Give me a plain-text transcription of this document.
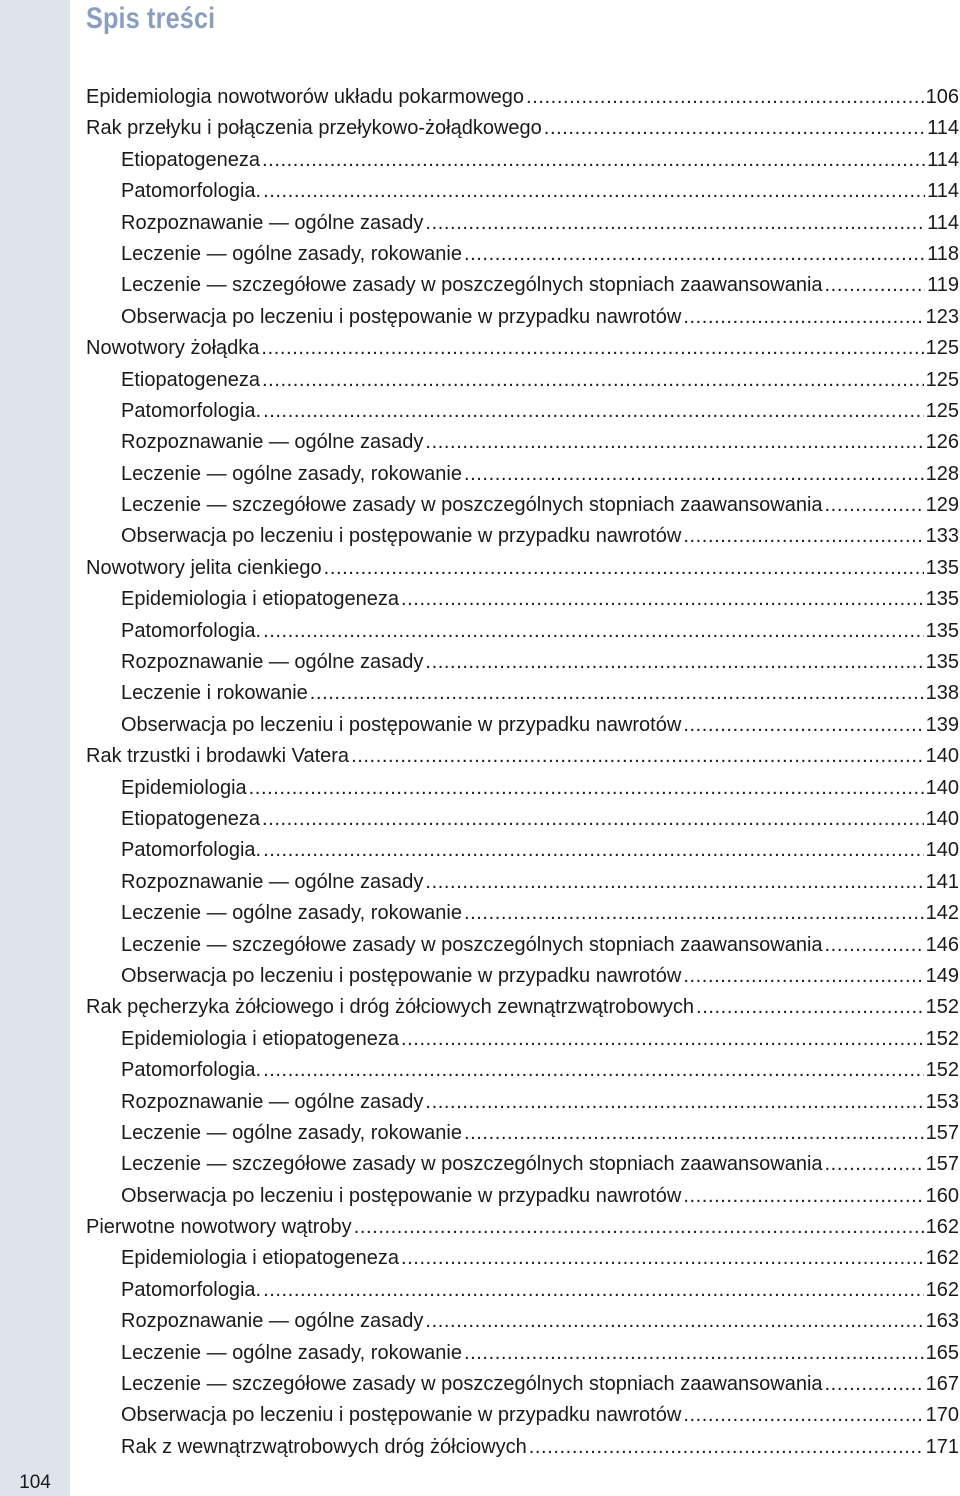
104
Spis treści
Epidemiologia nowotworów układu pokarmowego .....	106
Rak przełyku i połączenia przełykowo-żołądkowego .....	114
Etiopatogeneza .....	114
Patomorfologia. .....	114
Rozpoznawanie — ogólne zasady .....	114
Leczenie — ogólne zasady, rokowanie .....	118
Leczenie — szczegółowe zasady w poszczególnych stopniach zaawansowania .....	119
Obserwacja po leczeniu i postępowanie w przypadku nawrotów .....	123
Nowotwory żołądka .....	125
Etiopatogeneza .....	125
Patomorfologia. .....	125
Rozpoznawanie — ogólne zasady .....	126
Leczenie — ogólne zasady, rokowanie .....	128
Leczenie — szczegółowe zasady w poszczególnych stopniach zaawansowania .....	129
Obserwacja po leczeniu i postępowanie w przypadku nawrotów .....	133
Nowotwory jelita cienkiego .....	135
Epidemiologia i etiopatogeneza .....	135
Patomorfologia. .....	135
Rozpoznawanie — ogólne zasady .....	135
Leczenie i rokowanie .....	138
Obserwacja po leczeniu i postępowanie w przypadku nawrotów .....	139
Rak trzustki i brodawki Vatera .....	140
Epidemiologia .....	140
Etiopatogeneza .....	140
Patomorfologia. .....	140
Rozpoznawanie — ogólne zasady .....	141
Leczenie — ogólne zasady, rokowanie .....	142
Leczenie — szczegółowe zasady w poszczególnych stopniach zaawansowania .....	146
Obserwacja po leczeniu i postępowanie w przypadku nawrotów .....	149
Rak pęcherzyka żółciowego i dróg żółciowych zewnątrzwątrobowych .....	152
Epidemiologia i etiopatogeneza .....	152
Patomorfologia. .....	152
Rozpoznawanie — ogólne zasady .....	153
Leczenie — ogólne zasady, rokowanie .....	157
Leczenie — szczegółowe zasady w poszczególnych stopniach zaawansowania .....	157
Obserwacja po leczeniu i postępowanie w przypadku nawrotów .....	160
Pierwotne nowotwory wątroby .....	162
Epidemiologia i etiopatogeneza .....	162
Patomorfologia. .....	162
Rozpoznawanie — ogólne zasady .....	163
Leczenie — ogólne zasady, rokowanie .....	165
Leczenie — szczegółowe zasady w poszczególnych stopniach zaawansowania .....	167
Obserwacja po leczeniu i postępowanie w przypadku nawrotów .....	170
Rak z wewnątrzwątrobowych dróg żółciowych .....	171
